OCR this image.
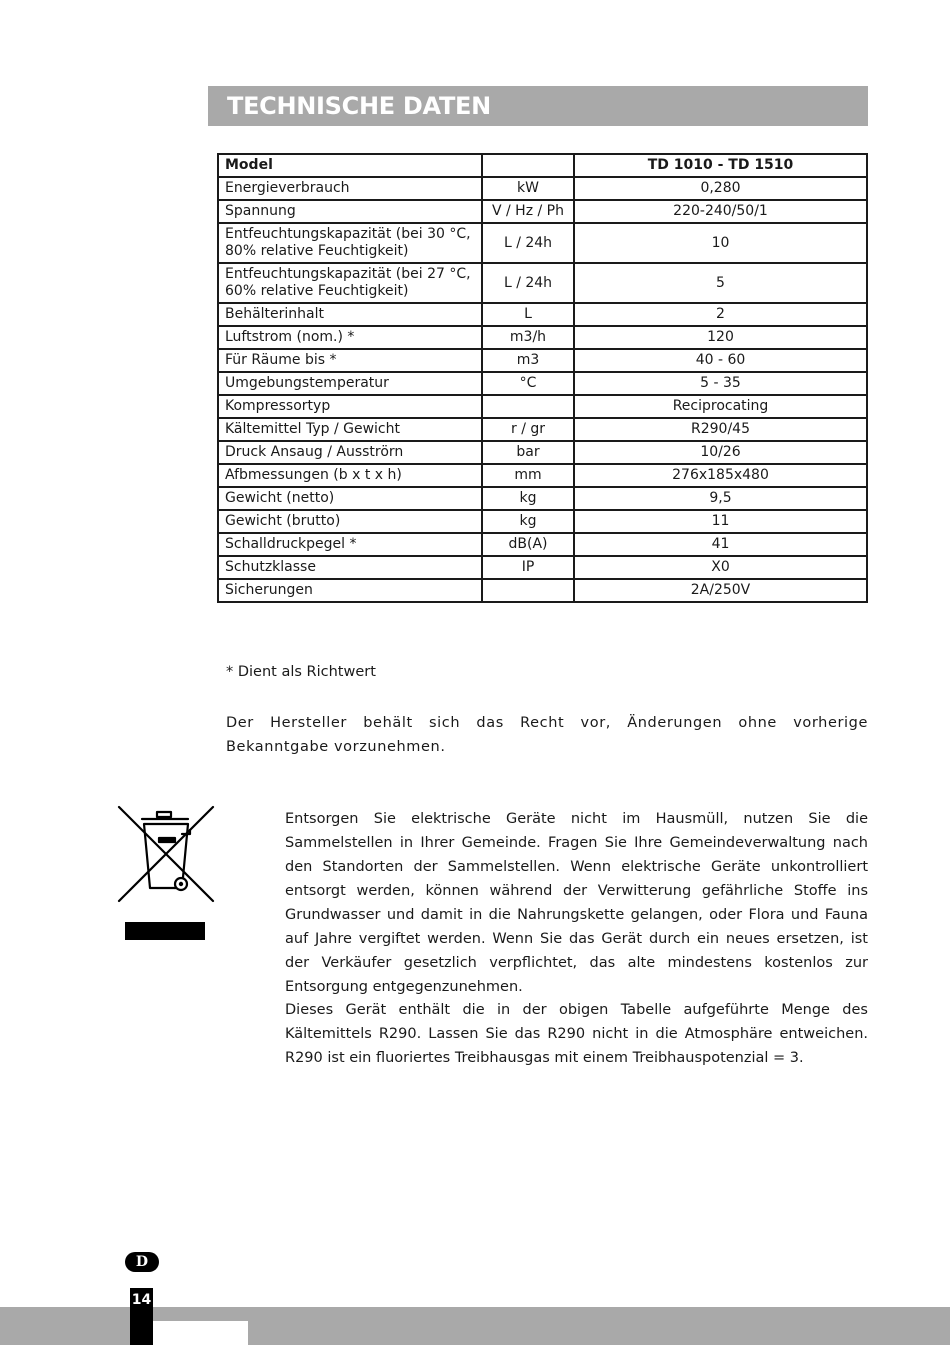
TECHNISCHE DATEN
Model		TD 1010 - TD 1510
Energieverbrauch	kW	0,280
Spannung	V / Hz / Ph	220-240/50/1
Entfeuchtungskapazität (bei 30 °C,
80% relative Feuchtigkeit)	L / 24h	10
Entfeuchtungskapazität (bei 27 °C,
60% relative Feuchtigkeit)	L / 24h	5
Behälterinhalt	L	2
Luftstrom (nom.) *	m3/h	120
Für Räume bis *	m3	40 - 60
Umgebungstemperatur	°C	5 - 35
Kompressortyp		Reciprocating
Kältemittel Typ / Gewicht	r / gr	R290/45
Druck Ansaug / Ausströrn	bar	10/26
Afbmessungen (b x t x h)	mm	276x185x480
Gewicht (netto)	kg	9,5
Gewicht (brutto)	kg	11
Schalldruckpegel *	dB(A)	41
Schutzklasse	IP	X0
Sicherungen		2A/250V
* Dient als Richtwert
Der Hersteller behält sich das Recht vor, Änderungen ohne vorherige Bekanntgabe vorzunehmen.
Entsorgen Sie elektrische Geräte nicht im Hausmüll, nutzen Sie die Sammelstellen in Ihrer Gemeinde. Fragen Sie Ihre Gemeindeverwaltung nach den Standorten der Sammelstellen. Wenn elektrische Geräte unkontrolliert entsorgt werden, können während der Verwitterung gefährliche Stoffe ins Grundwasser und damit in die Nahrungskette gelangen, oder Flora und Fauna auf Jahre vergiftet werden. Wenn Sie das Gerät durch ein neues ersetzen, ist der Verkäufer gesetzlich verpflichtet, das alte mindestens kostenlos zur Entsorgung entgegenzunehmen.
Dieses Gerät enthält die in der obigen Tabelle aufgeführte Menge des Kältemittels R290. Lassen Sie das R290 nicht in die Atmosphäre entweichen. R290 ist ein fluoriertes Treibhausgas mit einem Treibhauspotenzial = 3.
D
14
